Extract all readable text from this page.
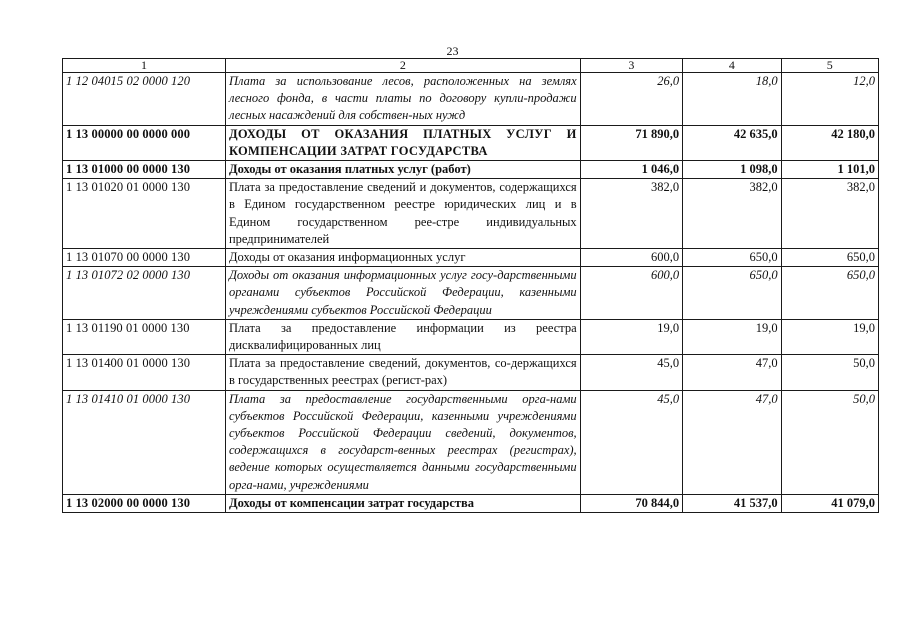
23
1	2	3	4	5
1 12 04015 02 0000 120	Плата за использование лесов, расположенных на землях лесного фонда, в части платы по договору купли-продажи лесных насаждений для собствен-ных нужд	26,0	18,0	12,0
1 13 00000 00 0000 000	ДОХОДЫ ОТ ОКАЗАНИЯ ПЛАТНЫХ УСЛУГ И КОМПЕНСАЦИИ ЗАТРАТ ГОСУДАРСТВА	71 890,0	42 635,0	42 180,0
1 13 01000 00 0000 130	Доходы от оказания платных услуг (работ)	1 046,0	1 098,0	1 101,0
1 13 01020 01 0000 130	Плата за предоставление сведений и документов, содержащихся в Едином государственном реестре юридических лиц и в Едином государственном рее-стре индивидуальных предпринимателей	382,0	382,0	382,0
1 13 01070 00 0000 130	Доходы от оказания информационных услуг	600,0	650,0	650,0
1 13 01072 02 0000 130	Доходы от оказания информационных услуг госу-дарственными органами субъектов Российской Федерации, казенными учреждениями субъектов Российской Федерации	600,0	650,0	650,0
1 13 01190 01 0000 130	Плата за предоставление информации из реестра дисквалифицированных лиц	19,0	19,0	19,0
1 13 01400 01 0000 130	Плата за предоставление сведений, документов, со-держащихся в государственных реестрах (регист-рах)	45,0	47,0	50,0
1 13 01410 01 0000 130	Плата за предоставление государственными орга-нами субъектов Российской Федерации, казенными учреждениями субъектов Российской Федерации сведений, документов, содержащихся в государст-венных реестрах (регистрах), ведение которых осуществляется данными государственными орга-нами, учреждениями	45,0	47,0	50,0
1 13 02000 00 0000 130	Доходы от компенсации затрат государства	70 844,0	41 537,0	41 079,0
